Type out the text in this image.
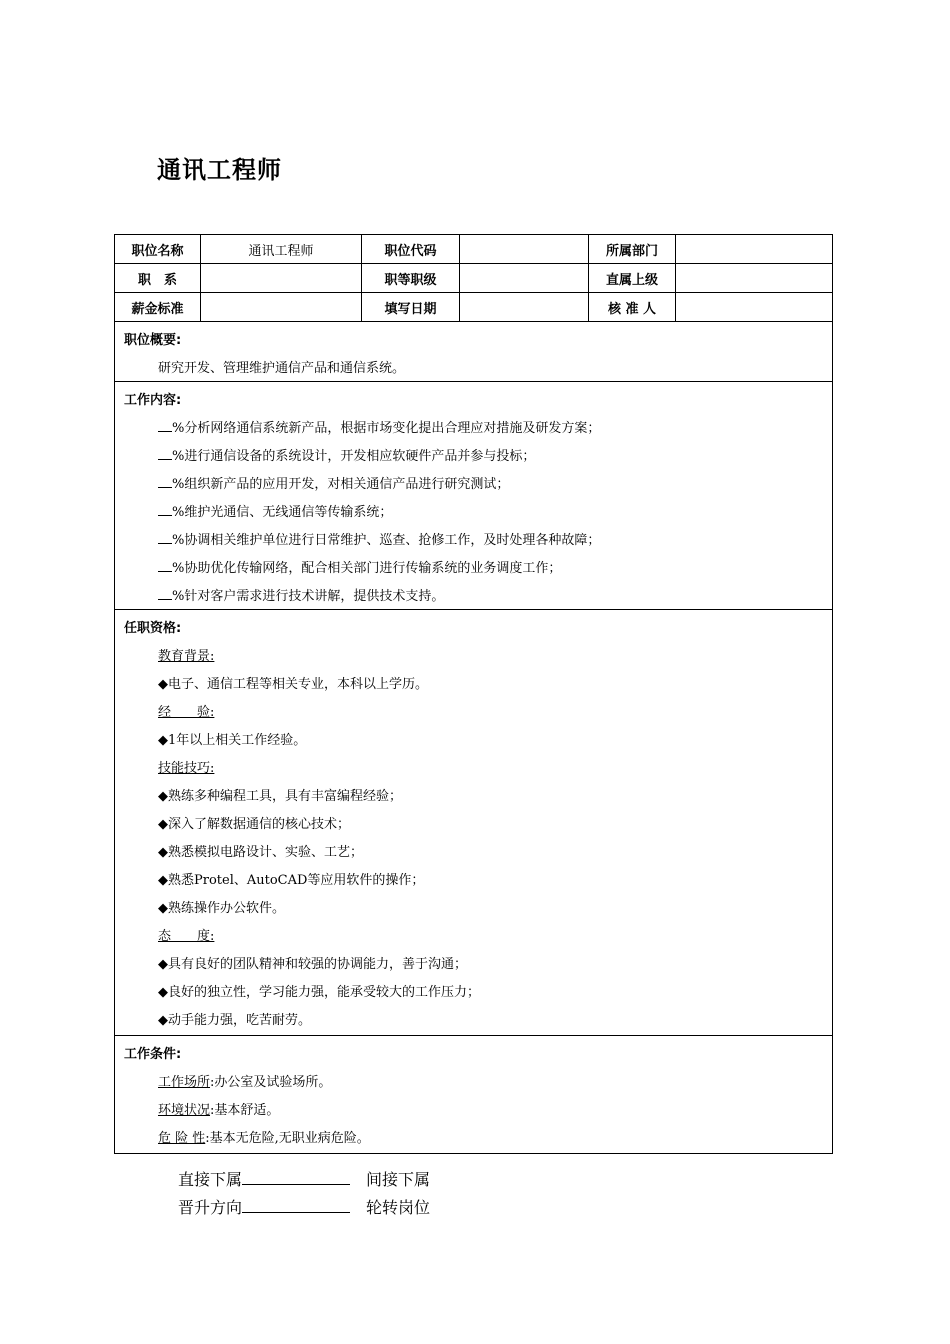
通讯工程师
职位名称	通讯工程师	职位代码		所属部门	
职　系		职等职级		直属上级	
薪金标准		填写日期		核 准 人	
职位概要:
研究开发、管理维护通信产品和通信系统。
工作内容:
%分析网络通信系统新产品，根据市场变化提出合理应对措施及研发方案；
%进行通信设备的系统设计，开发相应软硬件产品并参与投标；
%组织新产品的应用开发，对相关通信产品进行研究测试；
%维护光通信、无线通信等传输系统；
%协调相关维护单位进行日常维护、巡查、抢修工作，及时处理各种故障；
%协助优化传输网络，配合相关部门进行传输系统的业务调度工作；
%针对客户需求进行技术讲解，提供技术支持。
任职资格:
教育背景:
◆电子、通信工程等相关专业，本科以上学历。
经　　验:
◆1年以上相关工作经验。
技能技巧:
◆熟练多种编程工具，具有丰富编程经验；
◆深入了解数据通信的核心技术；
◆熟悉模拟电路设计、实验、工艺；
◆熟悉Protel、AutoCAD等应用软件的操作；
◆熟练操作办公软件。
态　　度:
◆具有良好的团队精神和较强的协调能力，善于沟通；
◆良好的独立性，学习能力强，能承受较大的工作压力；
◆动手能力强，吃苦耐劳。
工作条件:
工作场所:办公室及试验场所。
环境状况:基本舒适。
危 险 性:基本无危险,无职业病危险。
直接下属	间接下属
晋升方向	轮转岗位
